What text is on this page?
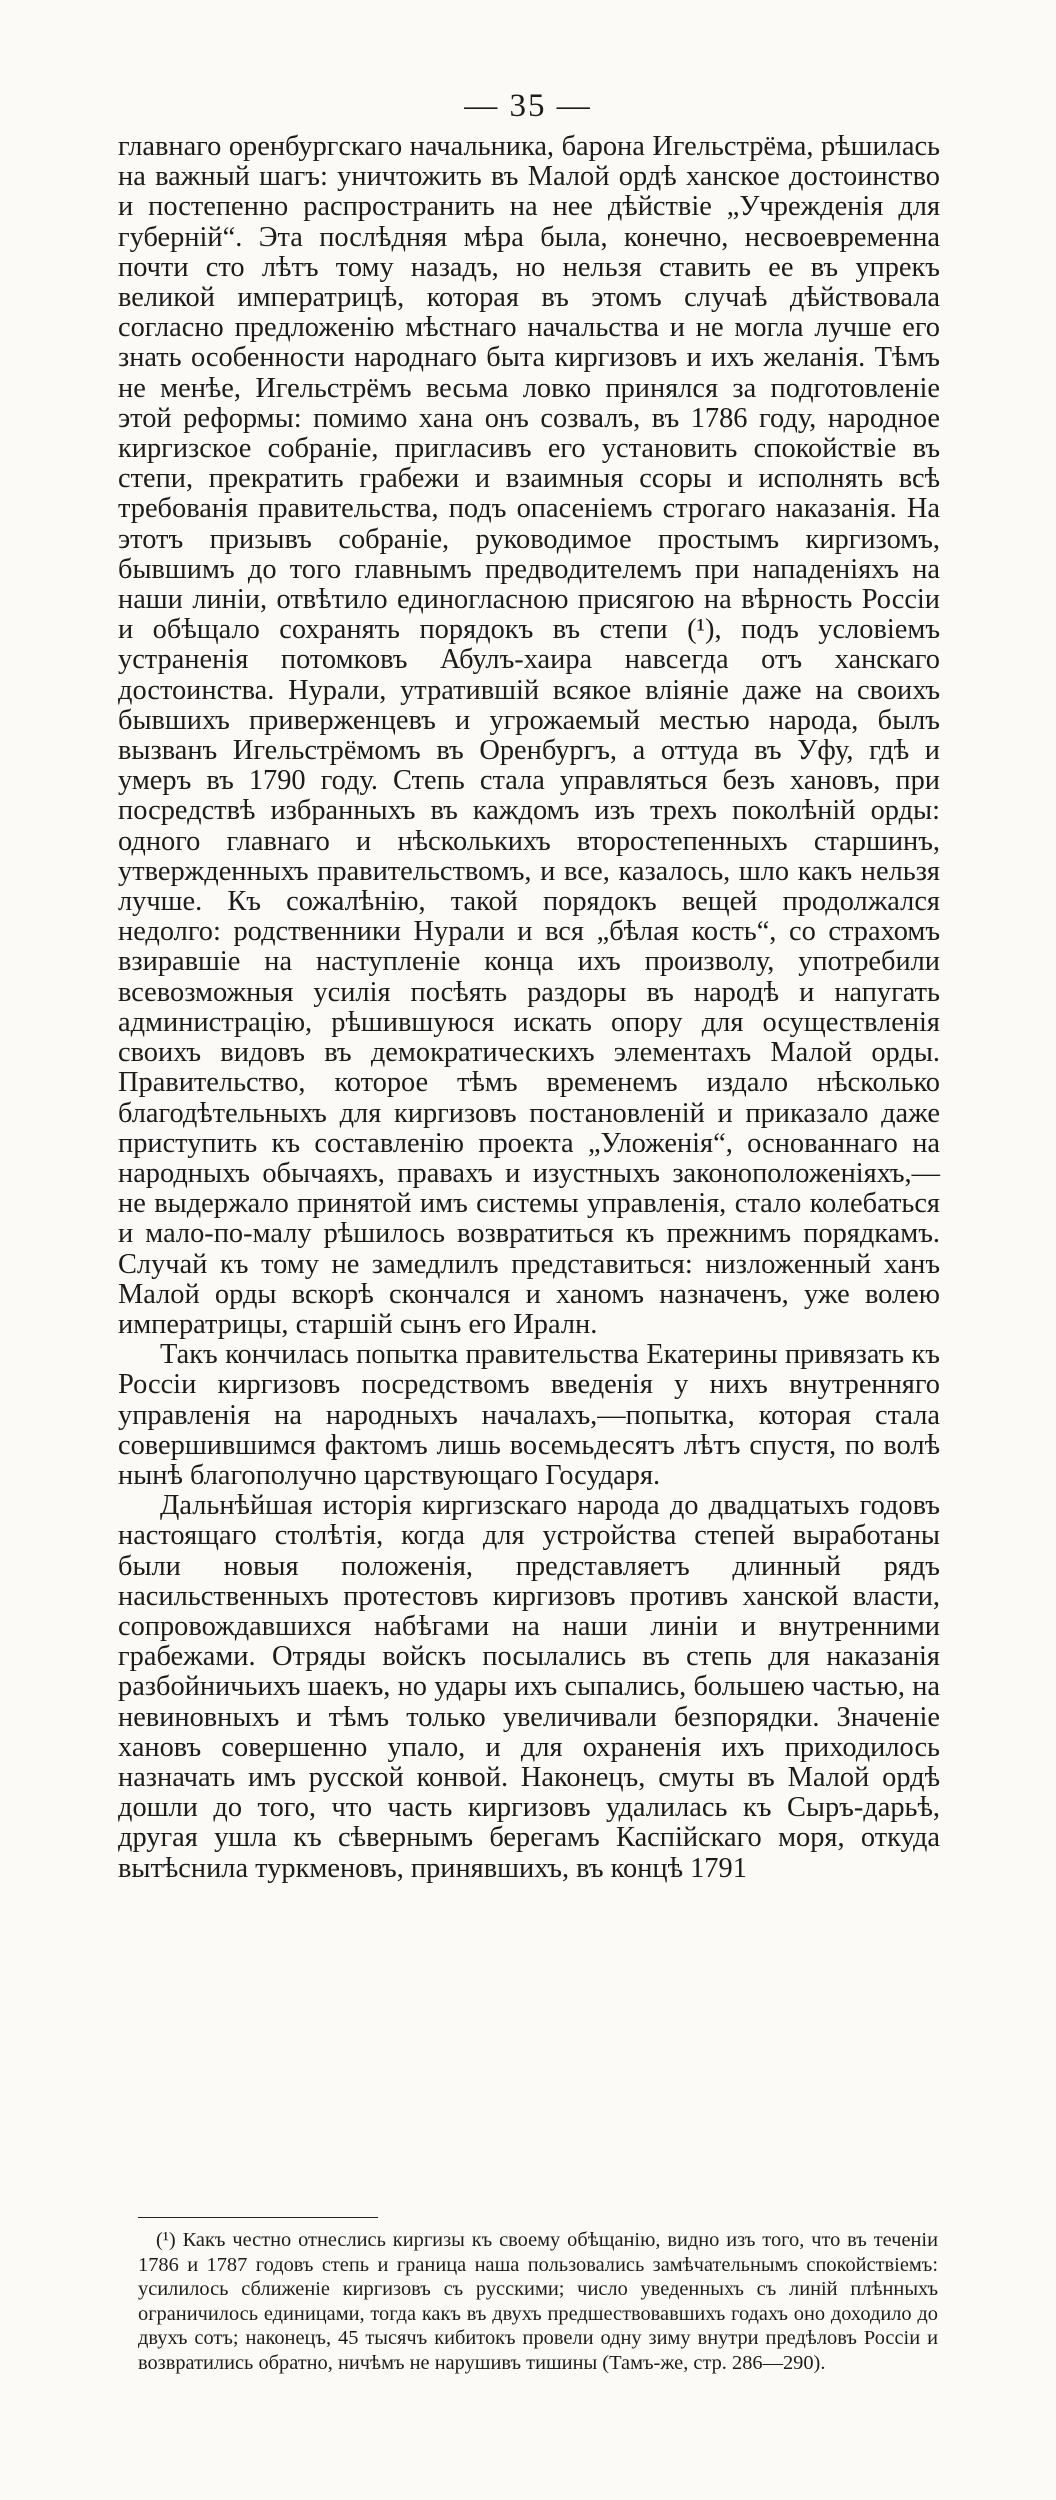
— 35 —

главнаго оренбургскаго начальника, барона Игельстрёма, рѣшилась на важный шагъ: уничтожить въ Малой ордѣ ханское достоинство и постепенно распространить на нее дѣйствіе „Учрежденія для губерній“. Эта послѣдняя мѣра была, конечно, несвоевременна почти сто лѣтъ тому назадъ, но нельзя ставить ее въ упрекъ великой императрицѣ, которая въ этомъ случаѣ дѣйствовала согласно предложенію мѣстнаго начальства и не могла лучше его знать особенности народнаго быта киргизовъ и ихъ желанія. Тѣмъ не менѣе, Игельстрёмъ весьма ловко принялся за подготовленіе этой реформы: помимо хана онъ созвалъ, въ 1786 году, народное киргизское собраніе, пригласивъ его установить спокойствіе въ степи, прекратить грабежи и взаимныя ссоры и исполнять всѣ требованія правительства, подъ опасеніемъ строгаго наказанія. На этотъ призывъ собраніе, руководимое простымъ киргизомъ, бывшимъ до того главнымъ предводителемъ при нападеніяхъ на наши линіи, отвѣтило единогласною присягою на вѣрность Россіи и обѣщало сохранять порядокъ въ степи (¹), подъ условіемъ устраненія потомковъ Абулъ-хаира навсегда отъ ханскаго достоинства. Нурали, утратившій всякое вліяніе даже на своихъ бывшихъ приверженцевъ и угрожаемый местью народа, былъ вызванъ Игельстрёмомъ въ Оренбургъ, а оттуда въ Уфу, гдѣ и умеръ въ 1790 году. Степь стала управляться безъ хановъ, при посредствѣ избранныхъ въ каждомъ изъ трехъ поколѣній орды: одного главнаго и нѣсколькихъ второстепенныхъ старшинъ, утвержденныхъ правительствомъ, и все, казалось, шло какъ нельзя лучше. Къ сожалѣнію, такой порядокъ вещей продолжался недолго: родственники Нурали и вся „бѣлая кость“, со страхомъ взиравшіе на наступленіе конца ихъ произволу, употребили всевозможныя усилія посѣять раздоры въ народѣ и напугать администрацію, рѣшившуюся искать опору для осуществленія своихъ видовъ въ демократическихъ элементахъ Малой орды. Правительство, которое тѣмъ временемъ издало нѣсколько благодѣтельныхъ для киргизовъ постановленій и приказало даже приступить къ составленію проекта „Уложенія“, основаннаго на народныхъ обычаяхъ, правахъ и изустныхъ законоположеніяхъ,—не выдержало принятой имъ системы управленія, стало колебаться и мало-по-малу рѣшилось возвратиться къ прежнимъ порядкамъ. Случай къ тому не замедлилъ представиться: низложенный ханъ Малой орды вскорѣ скончался и ханомъ назначенъ, уже волею императрицы, старшій сынъ его Иралн.

Такъ кончилась попытка правительства Екатерины привязать къ Россіи киргизовъ посредствомъ введенія у нихъ внутренняго управленія на народныхъ началахъ,—попытка, которая стала совершившимся фактомъ лишь восемьдесятъ лѣтъ спустя, по волѣ нынѣ благополучно царствующаго Государя.

Дальнѣйшая исторія киргизскаго народа до двадцатыхъ годовъ настоящаго столѣтія, когда для устройства степей выработаны были новыя положенія, представляетъ длинный рядъ насильственныхъ протестовъ киргизовъ противъ ханской власти, сопровождавшихся набѣгами на наши линіи и внутренними грабежами. Отряды войскъ посылались въ степь для наказанія разбойничьихъ шаекъ, но удары ихъ сыпались, большею частью, на невиновныхъ и тѣмъ только увеличивали безпорядки. Значеніе хановъ совершенно упало, и для охраненія ихъ приходилось назначать имъ русской конвой. Наконецъ, смуты въ Малой ордѣ дошли до того, что часть киргизовъ удалилась къ Сыръ-дарьѣ, другая ушла къ сѣвернымъ берегамъ Каспійскаго моря, откуда вытѣснила туркменовъ, принявшихъ, въ концѣ 1791

(¹) Какъ честно отнеслись киргизы къ своему обѣщанію, видно изъ того, что въ теченіи 1786 и 1787 годовъ степь и граница наша пользовались замѣчательнымъ спокойствіемъ: усилилось сближеніе киргизовъ съ русскими; число уведенныхъ съ линій плѣнныхъ ограничилось единицами, тогда какъ въ двухъ предшествовавшихъ годахъ оно доходило до двухъ сотъ; наконецъ, 45 тысячъ кибитокъ провели одну зиму внутри предѣловъ Россіи и возвратились обратно, ничѣмъ не нарушивъ тишины (Тамъ-же, стр. 286—290).
